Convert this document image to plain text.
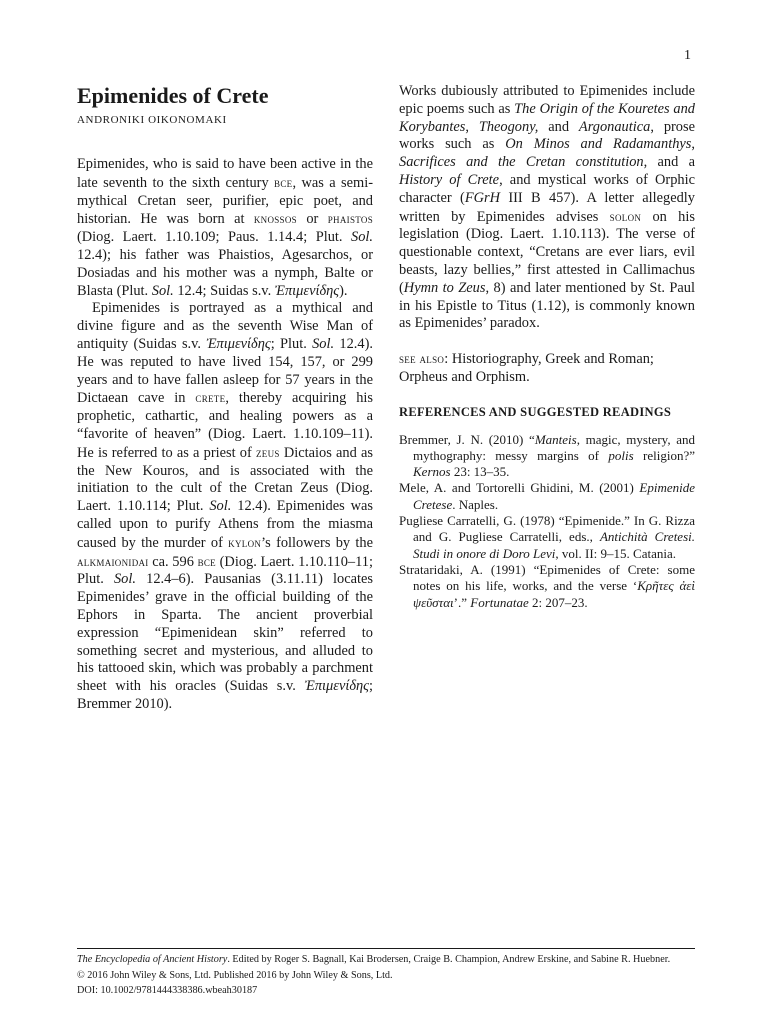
1
Epimenides of Crete
ANDRONIKI OIKONOMAKI

Epimenides, who is said to have been active in the late seventh to the sixth century bce, was a semi-mythical Cretan seer, purifier, epic poet, and historian. He was born at knossos or phaistos (Diog. Laert. 1.10.109; Paus. 1.14.4; Plut. Sol. 12.4); his father was Phaistios, Agesarchos, or Dosiadas and his mother was a nymph, Balte or Blasta (Plut. Sol. 12.4; Suidas s.v. Ἐπιμενίδης).

Epimenides is portrayed as a mythical and divine figure and as the seventh Wise Man of antiquity (Suidas s.v. Ἐπιμενίδης; Plut. Sol. 12.4). He was reputed to have lived 154, 157, or 299 years and to have fallen asleep for 57 years in the Dictaean cave in crete, thereby acquiring his prophetic, cathartic, and healing powers as a “favorite of heaven” (Diog. Laert. 1.10.109–11). He is referred to as a priest of zeus Dictaios and as the New Kouros, and is associated with the initiation to the cult of the Cretan Zeus (Diog. Laert. 1.10.114; Plut. Sol. 12.4). Epimenides was called upon to purify Athens from the miasma caused by the murder of kylon’s followers by the alkmaionidai ca. 596 bce (Diog. Laert. 1.10.110–11; Plut. Sol. 12.4–6). Pausanias (3.11.11) locates Epimenides’ grave in the official building of the Ephors in Sparta. The ancient proverbial expression “Epimenidean skin” referred to something secret and mysterious, and alluded to his tattooed skin, which was probably a parchment sheet with his oracles (Suidas s.v. Ἐπιμενίδης; Bremmer 2010).

Works dubiously attributed to Epimenides include epic poems such as The Origin of the Kouretes and Korybantes, Theogony, and Argonautica, prose works such as On Minos and Radamanthys, Sacrifices and the Cretan constitution, and a History of Crete, and mystical works of Orphic character (FGrH III B 457). A letter allegedly written by Epimenides advises solon on his legislation (Diog. Laert. 1.10.113). The verse of questionable context, “Cretans are ever liars, evil beasts, lazy bellies,” first attested in Callimachus (Hymn to Zeus, 8) and later mentioned by St. Paul in his Epistle to Titus (1.12), is commonly known as Epimenides’ paradox.

see also: Historiography, Greek and Roman; Orpheus and Orphism.

REFERENCES AND SUGGESTED READINGS
Bremmer, J. N. (2010) “Manteis, magic, mystery, and mythography: messy margins of polis religion?” Kernos 23: 13–35.
Mele, A. and Tortorelli Ghidini, M. (2001) Epimenide Cretese. Naples.
Pugliese Carratelli, G. (1978) “Epimenide.” In G. Rizza and G. Pugliese Carratelli, eds., Antichità Cretesi. Studi in onore di Doro Levi, vol. II: 9–15. Catania.
Strataridaki, A. (1991) “Epimenides of Crete: some notes on his life, works, and the verse ‘Κρῆτες ἀεὶ ψεῦσται’.” Fortunatae 2: 207–23.
The Encyclopedia of Ancient History. Edited by Roger S. Bagnall, Kai Brodersen, Craige B. Champion, Andrew Erskine, and Sabine R. Huebner.
© 2016 John Wiley & Sons, Ltd. Published 2016 by John Wiley & Sons, Ltd.
DOI: 10.1002/9781444338386.wbeah30187
